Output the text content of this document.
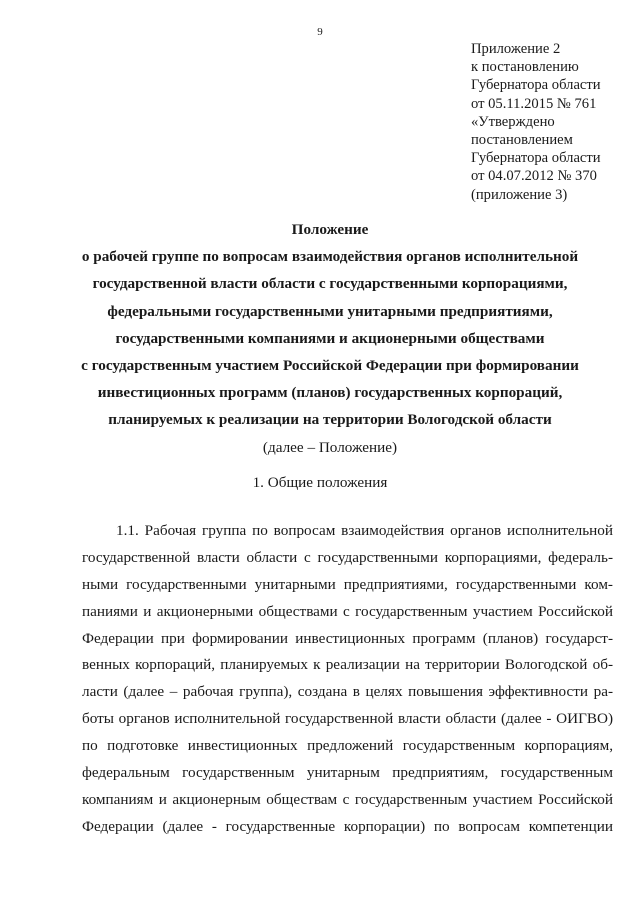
9
Приложение 2
к постановлению
Губернатора области
от 05.11.2015 № 761
«Утверждено
постановлением
Губернатора области
от 04.07.2012 № 370
(приложение 3)
Положение
о рабочей группе по вопросам взаимодействия органов исполнительной
государственной власти области с государственными корпорациями,
федеральными государственными унитарными предприятиями,
государственными компаниями и акционерными обществами
с государственным участием Российской Федерации при формировании
инвестиционных программ (планов) государственных корпораций,
планируемых к реализации на территории Вологодской области
(далее – Положение)
1. Общие положения
1.1. Рабочая группа по вопросам взаимодействия органов исполнительной
государственной власти области с государственными корпорациями, федераль-
ными государственными унитарными предприятиями, государственными ком-
паниями и акционерными обществами с государственным участием Российской
Федерации при формировании инвестиционных программ (планов) государст-
венных корпораций, планируемых к реализации на территории Вологодской об-
ласти (далее – рабочая группа), создана в целях повышения эффективности ра-
боты органов исполнительной государственной власти области (далее - ОИГВО)
по подготовке инвестиционных предложений государственным корпорациям,
федеральным государственным унитарным предприятиям, государственным
компаниям и акционерным обществам с государственным участием Российской
Федерации (далее - государственные корпорации) по вопросам компетенции
